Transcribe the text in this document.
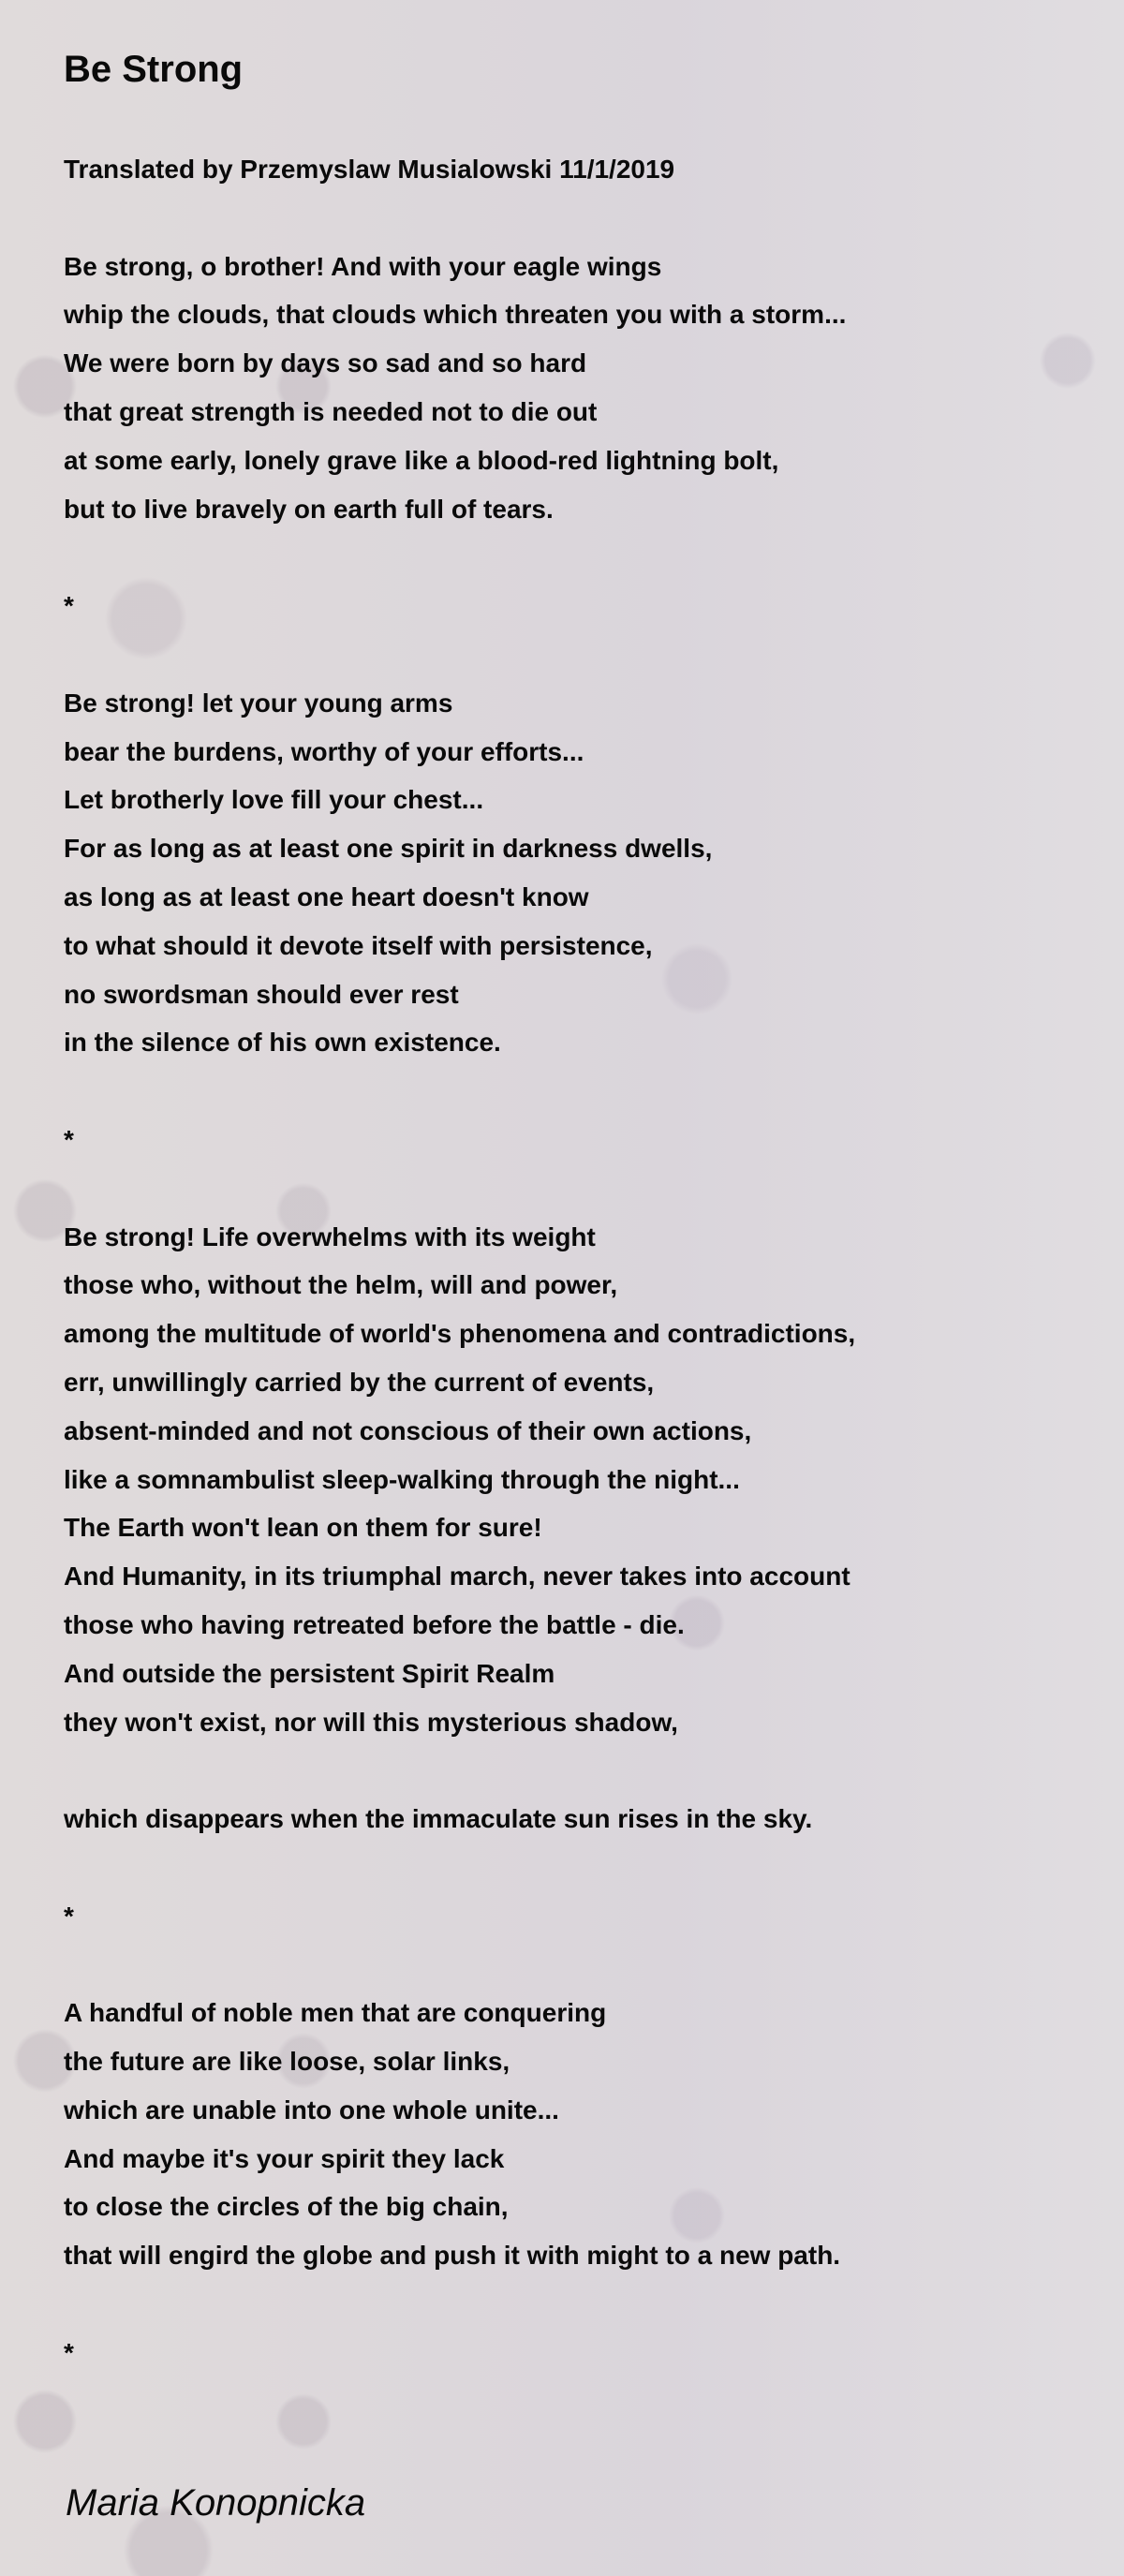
Be Strong
Translated by Przemyslaw Musialowski 11/1/2019
Be strong, o brother! And with your eagle wings
whip the clouds, that clouds which threaten you with a storm...
We were born by days so sad and so hard
that great strength is needed not to die out
at some early, lonely grave like a blood-red lightning bolt,
but to live bravely on earth full of tears.
*
Be strong! let your young arms
bear the burdens, worthy of your efforts...
Let brotherly love fill your chest...
For as long as at least one spirit in darkness dwells,
as long as at least one heart doesn't know
to what should it devote itself with persistence,
no swordsman should ever rest
in the silence of his own existence.
*
Be strong! Life overwhelms with its weight
those who, without the helm, will and power,
among the multitude of world's phenomena and contradictions,
err, unwillingly carried by the current of events,
absent-minded and not conscious of their own actions,
like a somnambulist sleep-walking through the night...
The Earth won't lean on them for sure!
And Humanity, in its triumphal march, never takes into account
those who having retreated before the battle - die.
And outside the persistent Spirit Realm
they won't exist, nor will this mysterious shadow,
which disappears when the immaculate sun rises in the sky.
*
A handful of noble men that are conquering
the future are like loose, solar links,
which are unable into one whole unite...
And maybe it's your spirit they lack
to close the circles of the big chain,
that will engird the globe and push it with might to a new path.
*

Maria Konopnicka
